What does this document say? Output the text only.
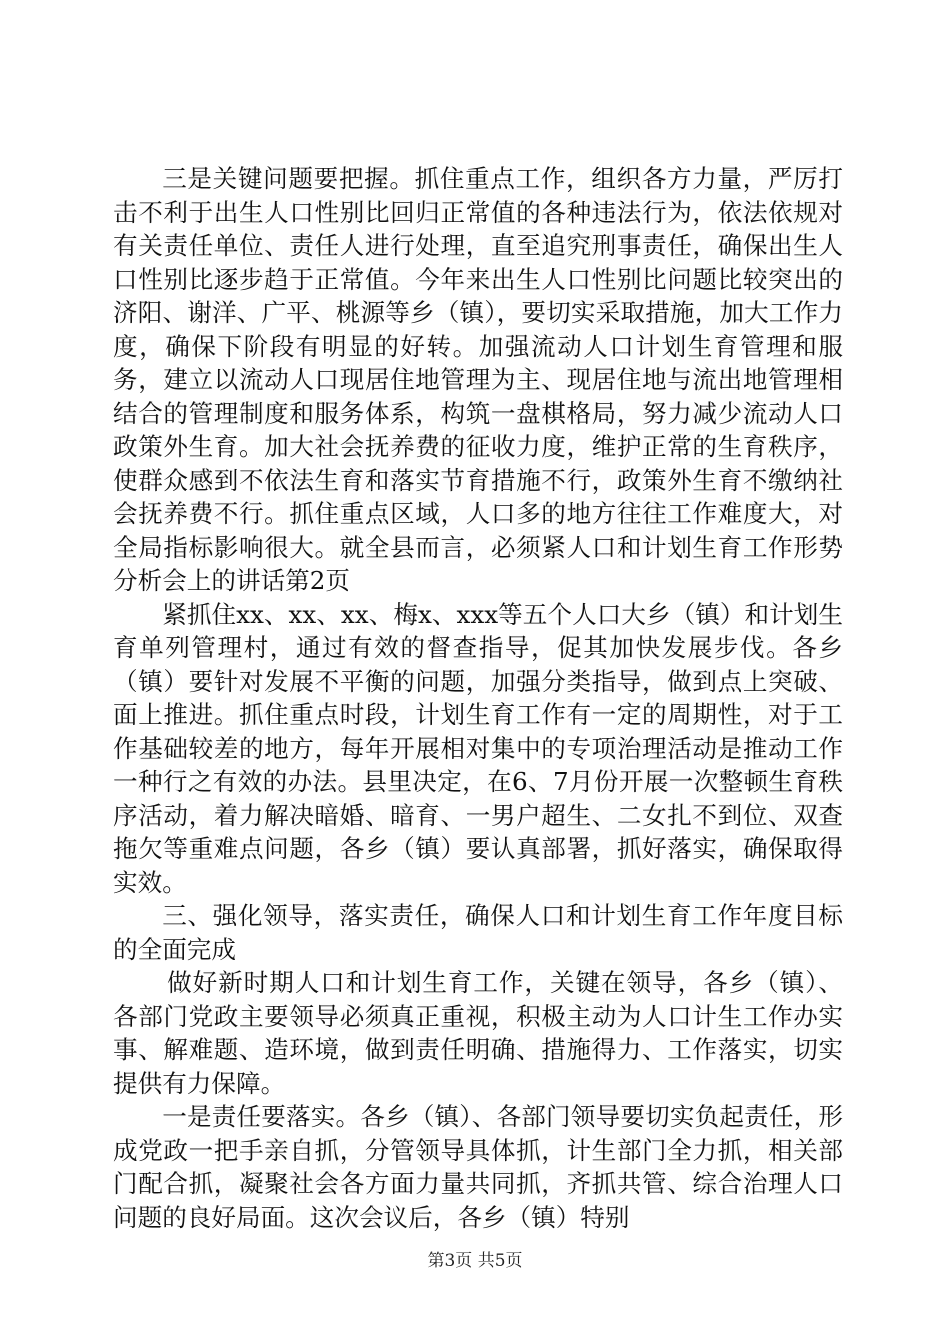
三是关键问题要把握。抓住重点工作，组织各方力量，严厉打击不利于出生人口性别比回归正常值的各种违法行为，依法依规对有关责任单位、责任人进行处理，直至追究刑事责任，确保出生人口性别比逐步趋于正常值。今年来出生人口性别比问题比较突出的济阳、谢洋、广平、桃源等乡（镇），要切实采取措施，加大工作力度，确保下阶段有明显的好转。加强流动人口计划生育管理和服务，建立以流动人口现居住地管理为主、现居住地与流出地管理相结合的管理制度和服务体系，构筑一盘棋格局，努力减少流动人口政策外生育。加大社会抚养费的征收力度，维护正常的生育秩序，使群众感到不依法生育和落实节育措施不行，政策外生育不缴纳社会抚养费不行。抓住重点区域，人口多的地方往往工作难度大，对全局指标影响很大。就全县而言，必须紧人口和计划生育工作形势分析会上的讲话第2页

紧抓住xx、xx、xx、梅x、xxx等五个人口大乡（镇）和计划生育单列管理村，通过有效的督查指导，促其加快发展步伐。各乡（镇）要针对发展不平衡的问题，加强分类指导，做到点上突破、面上推进。抓住重点时段，计划生育工作有一定的周期性，对于工作基础较差的地方，每年开展相对集中的专项治理活动是推动工作一种行之有效的办法。县里决定，在6、7月份开展一次整顿生育秩序活动，着力解决暗婚、暗育、一男户超生、二女扎不到位、双查拖欠等重难点问题，各乡（镇）要认真部署，抓好落实，确保取得实效。

三、强化领导，落实责任，确保人口和计划生育工作年度目标的全面完成

做好新时期人口和计划生育工作，关键在领导，各乡（镇）、各部门党政主要领导必须真正重视，积极主动为人口计生工作办实事、解难题、造环境，做到责任明确、措施得力、工作落实，切实提供有力保障。

一是责任要落实。各乡（镇）、各部门领导要切实负起责任，形成党政一把手亲自抓，分管领导具体抓，计生部门全力抓，相关部门配合抓，凝聚社会各方面力量共同抓，齐抓共管、综合治理人口问题的良好局面。这次会议后，各乡（镇）特别

第3页 共5页
